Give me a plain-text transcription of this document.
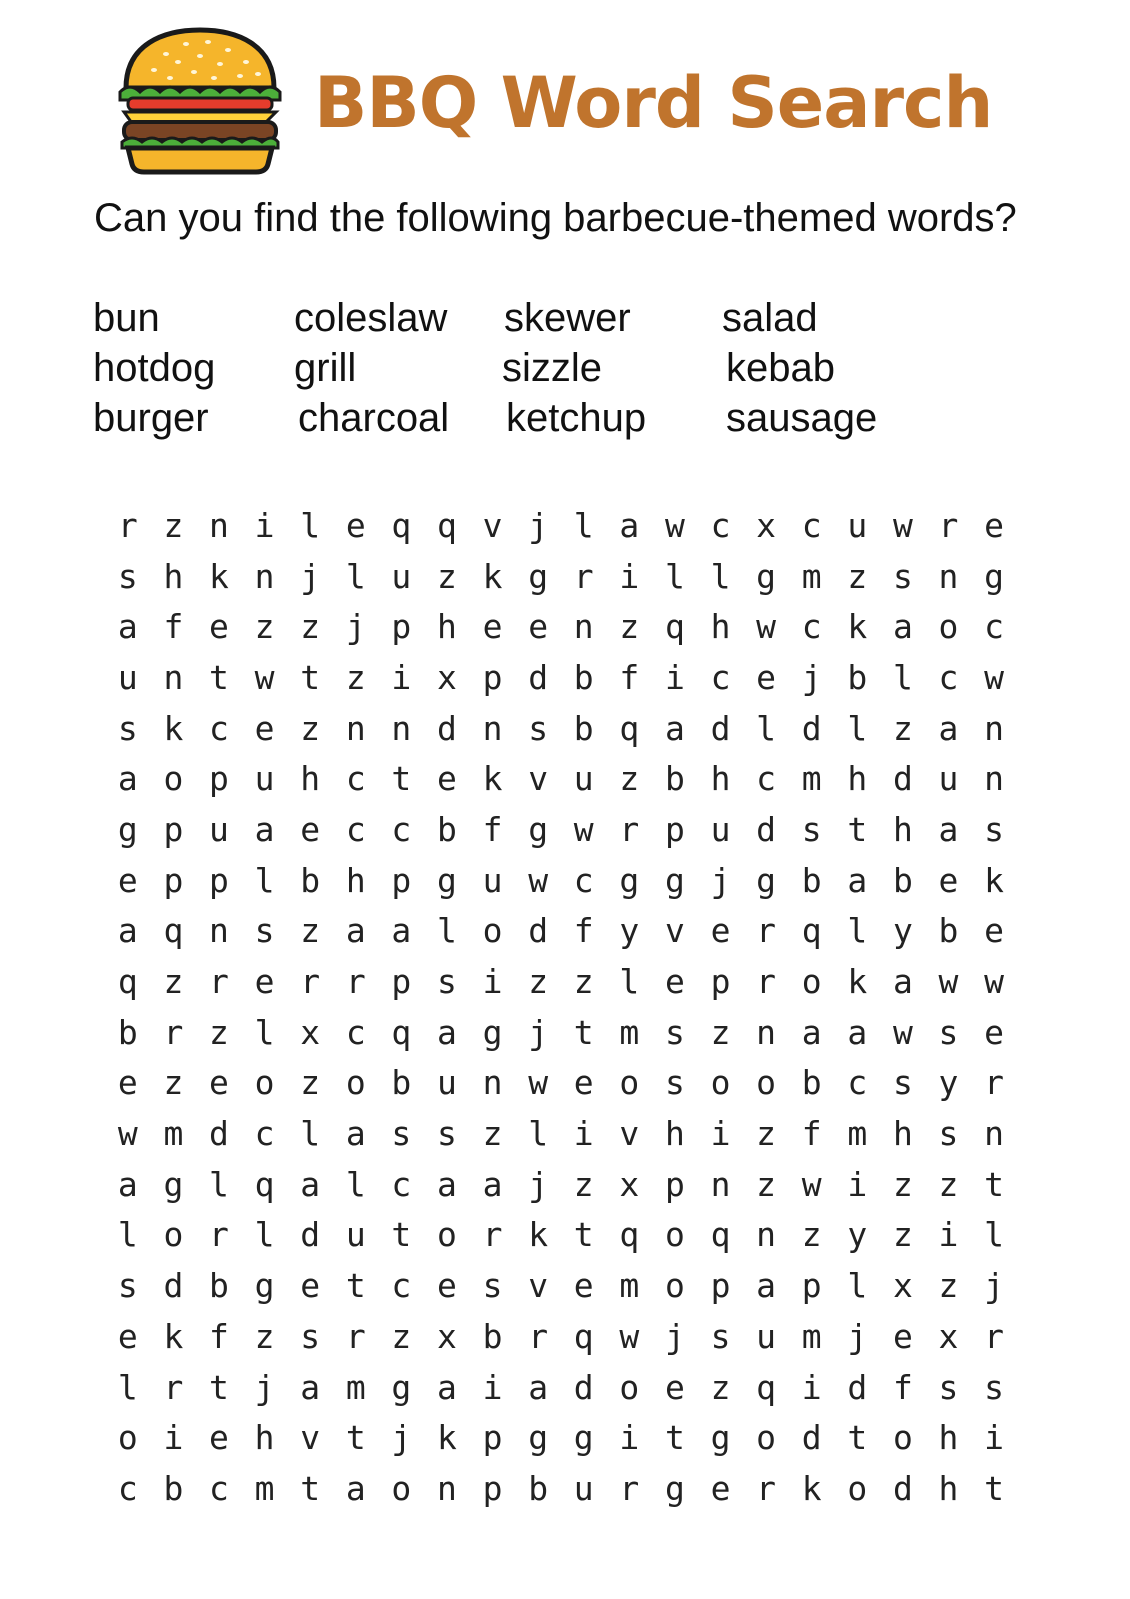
BBQ Word Search
Can you find the following barbecue-themed words?
bun	coleslaw skewer salad
hotdog grill	sizzle	kebab
burger charcoal ketchup sausage
r z n i l e q q v j l a w c x c u w r e
s h k n j l u z k g r i l l g m z s n g
a f e z z j p h e e n z q h w c k a o c
u n t w t z i x p d b f i c e j b l c w
s k c e z n n d n s b q a d l d l z a n
a o p u h c t e k v u z b h c m h d u n
g p u a e c c b f g w r p u d s t h a s
e p p l b h p g u w c g g j g b a b e k
a q n s z a a l o d f y v e r q l y b e
q z r e r r p s i z z l e p r o k a w w
b r z l x c q a g j t m s z n a a w s e
e z e o z o b u n w e o s o o b c s y r
w m d c l a s s z l i v h i z f m h s n
a g l q a l c a a j z x p n z w i z z t
l o r l d u t o r k t q o q n z y z i l
s d b g e t c e s v e m o p a p l x z j
e k f z s r z x b r q w j s u m j e x r
l r t j a m g a i a d o e z q i d f s s
o i e h v t j k p g g i t g o d t o h i
c b c m t a o n p b u r g e r k o d h t
